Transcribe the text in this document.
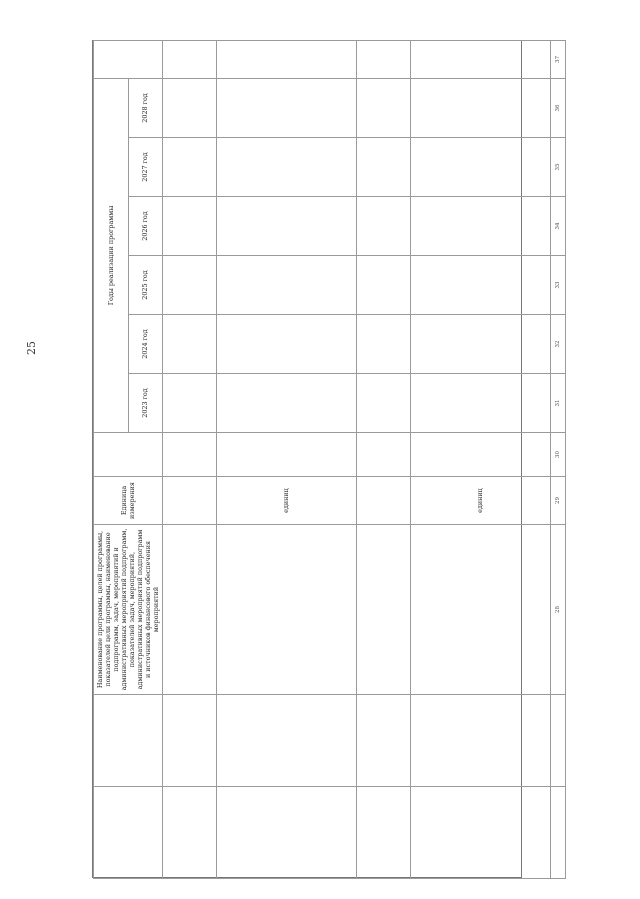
25
		Наименование программы, целей программы, показателей цели программы, наименование подпрограмм, задач, мероприятий и административных мероприятий подпрограмм, показателей задач, мероприятий, административных мероприятий подпрограмм и источников финансового обеспечения мероприятий	Единица измерения		Годы реализации программы						
					2023 год	2024 год	2025 год	2026 год	2027 год	2028 год	

			единиц								

			единиц								
		28	29	30	31	32	33	34	35	36	37
